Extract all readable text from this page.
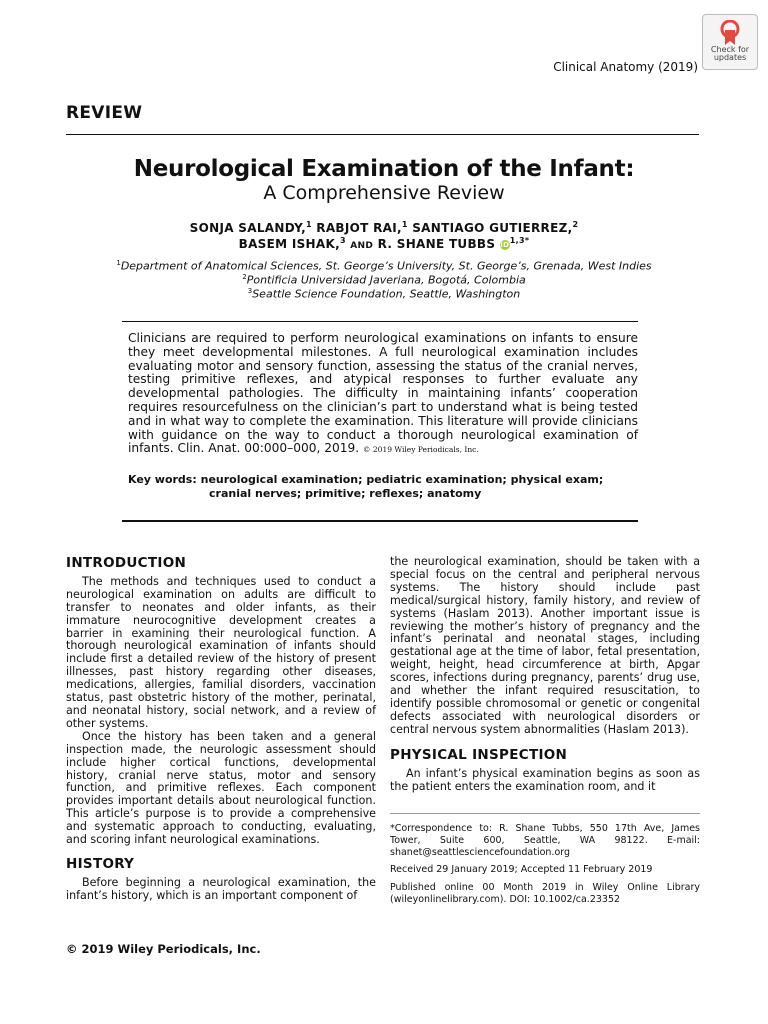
Check for
updates
Clinical Anatomy (2019)
REVIEW
Neurological Examination of the Infant:
A Comprehensive Review
SONJA SALANDY,$^1$ RABJOT RAI,$^1$ SANTIAGO GUTIERREZ,$^2$
BASEM ISHAK,$^3$ AND R. SHANE TUBBS $iD^{1,3*}$
$^1$Department of Anatomical Sciences, St. George’s University, St. George’s, Grenada, West Indies
$^2$Pontificia Universidad Javeriana, Bogotá, Colombia
$^3$Seattle Science Foundation, Seattle, Washington
Clinicians are required to perform neurological examinations on infants to ensure they meet developmental milestones. A full neurological examination includes evaluating motor and sensory function, assessing the status of the cranial nerves, testing primitive reflexes, and atypical responses to further evaluate any developmental pathologies. The difficulty in maintaining infants’ cooperation requires resourcefulness on the clinician’s part to understand what is being tested and in what way to complete the examination. This literature will provide clinicians with guidance on the way to conduct a thorough neurological examination of infants. Clin. Anat. 00:000–000, 2019. © 2019 Wiley Periodicals, Inc.
Key words: neurological examination; pediatric examination; physical exam;
cranial nerves; primitive; reflexes; anatomy
INTRODUCTION

The methods and techniques used to conduct a neurological examination on adults are difficult to transfer to neonates and older infants, as their immature neurocognitive development creates a barrier in examining their neurological function. A thorough neurological examination of infants should include first a detailed review of the history of present illnesses, past history regarding other diseases, medications, allergies, familial disorders, vaccination status, past obstetric history of the mother, perinatal, and neonatal history, social network, and a review of other systems.

Once the history has been taken and a general inspection made, the neurologic assessment should include higher cortical functions, developmental history, cranial nerve status, motor and sensory function, and primitive reflexes. Each component provides important details about neurological function. This article’s purpose is to provide a comprehensive and systematic approach to conducting, evaluating, and scoring infant neurological examinations.

HISTORY

Before beginning a neurological examination, the infant’s history, which is an important component of

the neurological examination, should be taken with a special focus on the central and peripheral nervous systems. The history should include past medical/surgical history, family history, and review of systems (Haslam 2013). Another important issue is reviewing the mother’s history of pregnancy and the infant’s perinatal and neonatal stages, including gestational age at the time of labor, fetal presentation, weight, height, head circumference at birth, Apgar scores, infections during pregnancy, parents’ drug use, and whether the infant required resuscitation, to identify possible chromosomal or genetic or congenital defects associated with neurological disorders or central nervous system abnormalities (Haslam 2013).

PHYSICAL INSPECTION

An infant’s physical examination begins as soon as the patient enters the examination room, and it

*Correspondence to: R. Shane Tubbs, 550 17th Ave, James Tower, Suite 600, Seattle, WA 98122. E-mail: shanet@seattlesciencefoundation.org
Received 29 January 2019; Accepted 11 February 2019
Published online 00 Month 2019 in Wiley Online Library (wileyonlinelibrary.com). DOI: 10.1002/ca.23352
© 2019 Wiley Periodicals, Inc.
